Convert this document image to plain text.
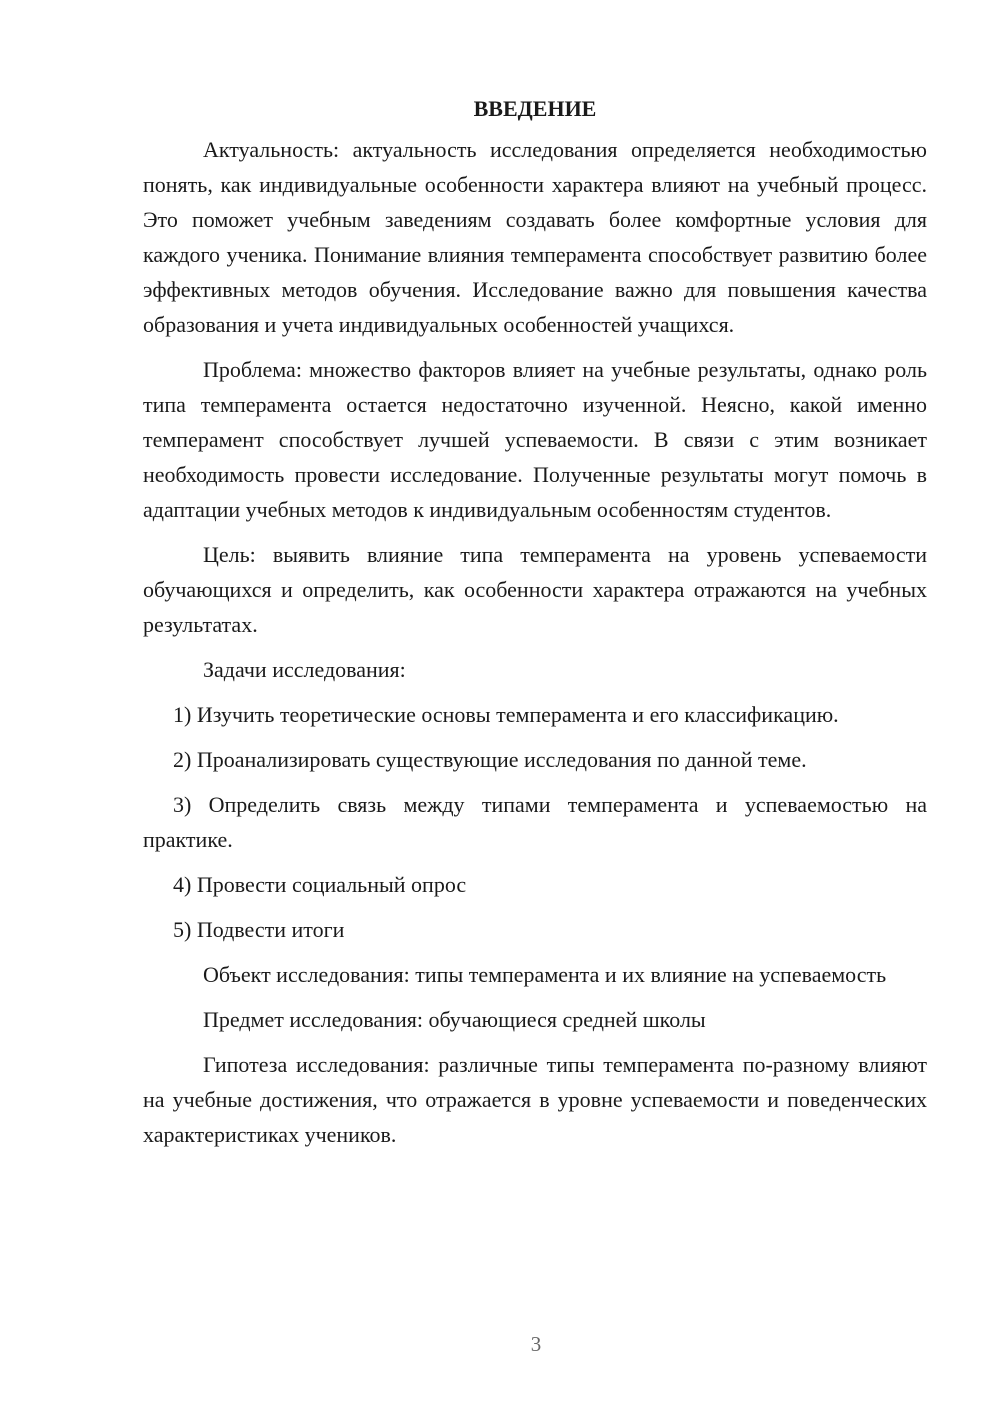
ВВЕДЕНИЕ

Актуальность: актуальность исследования определяется необходимостью понять, как индивидуальные особенности характера влияют на учебный процесс. Это поможет учебным заведениям создавать более комфортные условия для каждого ученика. Понимание влияния темперамента способствует развитию более эффективных методов обучения. Исследование важно для повышения качества образования и учета индивидуальных особенностей учащихся.

Проблема: множество факторов влияет на учебные результаты, однако роль типа темперамента остается недостаточно изученной. Неясно, какой именно темперамент способствует лучшей успеваемости. В связи с этим возникает необходимость провести исследование. Полученные результаты могут помочь в адаптации учебных методов к индивидуальным особенностям студентов.

Цель: выявить влияние типа темперамента на уровень успеваемости обучающихся и определить, как особенности характера отражаются на учебных результатах.

Задачи исследования:

1) Изучить теоретические основы темперамента и его классификацию.

2) Проанализировать существующие исследования по данной теме.

3) Определить связь между типами темперамента и успеваемостью на практике.

4) Провести социальный опрос

5) Подвести итоги

Объект исследования: типы темперамента и их влияние на успеваемость

Предмет исследования: обучающиеся средней школы

Гипотеза исследования: различные типы темперамента по-разному влияют на учебные достижения, что отражается в уровне успеваемости и поведенческих характеристиках учеников.

3
